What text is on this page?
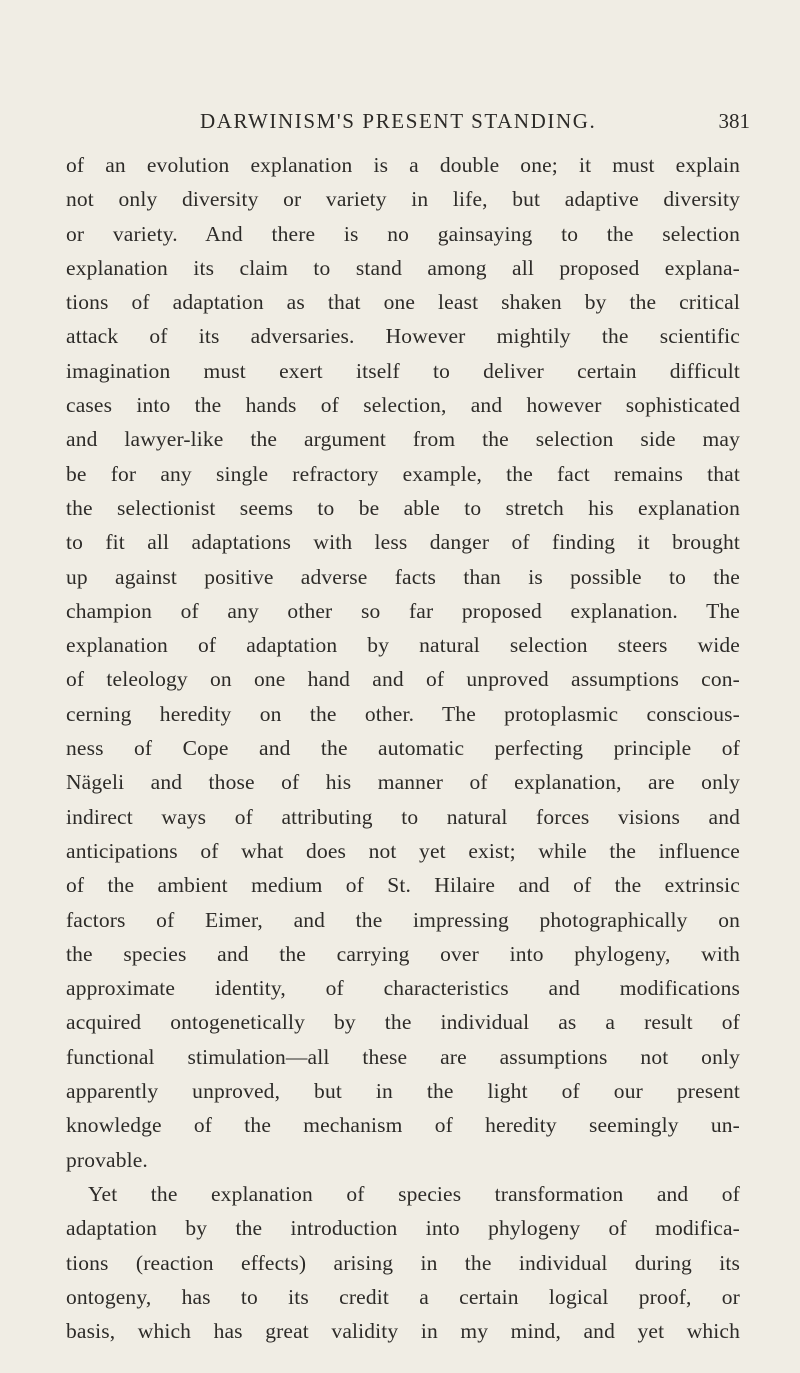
DARWINISM'S PRESENT STANDING.	381
of an evolution explanation is a double one; it must explain
not only diversity or variety in life, but adaptive diversity
or variety. And there is no gainsaying to the selection
explanation its claim to stand among all proposed explana-
tions of adaptation as that one least shaken by the critical
attack of its adversaries. However mightily the scientific
imagination must exert itself to deliver certain difficult
cases into the hands of selection, and however sophisticated
and lawyer-like the argument from the selection side may
be for any single refractory example, the fact remains that
the selectionist seems to be able to stretch his explanation
to fit all adaptations with less danger of finding it brought
up against positive adverse facts than is possible to the
champion of any other so far proposed explanation. The
explanation of adaptation by natural selection steers wide
of teleology on one hand and of unproved assumptions con-
cerning heredity on the other. The protoplasmic conscious-
ness of Cope and the automatic perfecting principle of
Nägeli and those of his manner of explanation, are only
indirect ways of attributing to natural forces visions and
anticipations of what does not yet exist; while the influence
of the ambient medium of St. Hilaire and of the extrinsic
factors of Eimer, and the impressing photographically on
the species and the carrying over into phylogeny, with
approximate identity, of characteristics and modifications
acquired ontogenetically by the individual as a result of
functional stimulation—all these are assumptions not only
apparently unproved, but in the light of our present
knowledge of the mechanism of heredity seemingly un-
provable.
Yet the explanation of species transformation and of
adaptation by the introduction into phylogeny of modifica-
tions (reaction effects) arising in the individual during its
ontogeny, has to its credit a certain logical proof, or
basis, which has great validity in my mind, and yet which
